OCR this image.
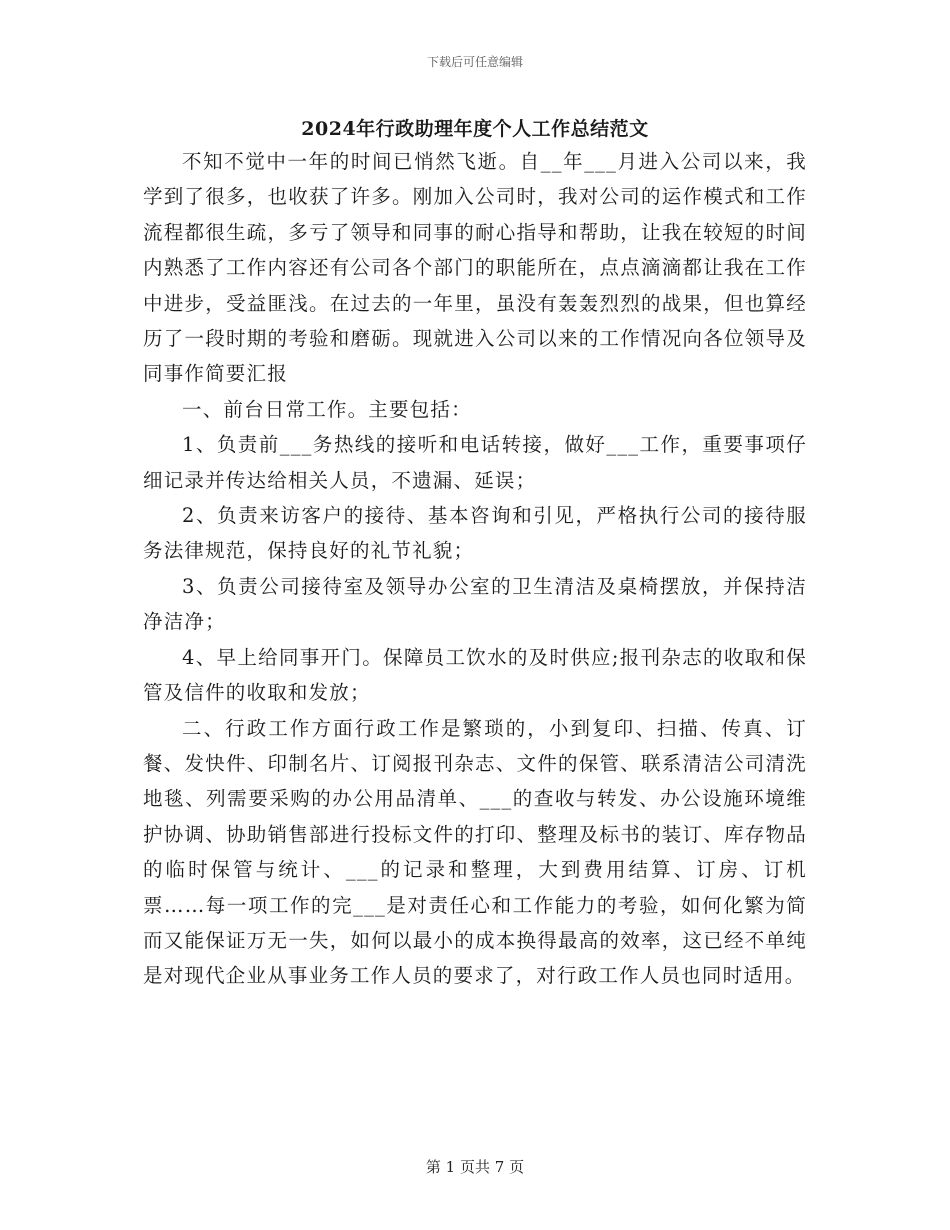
下载后可任意编辑
2024年行政助理年度个人工作总结范文

不知不觉中一年的时间已悄然飞逝。自__年___月进入公司以来，我学到了很多，也收获了许多。刚加入公司时，我对公司的运作模式和工作流程都很生疏，多亏了领导和同事的耐心指导和帮助，让我在较短的时间内熟悉了工作内容还有公司各个部门的职能所在，点点滴滴都让我在工作中进步，受益匪浅。在过去的一年里，虽没有轰轰烈烈的战果，但也算经历了一段时期的考验和磨砺。现就进入公司以来的工作情况向各位领导及同事作简要汇报

一、前台日常工作。主要包括：

1、负责前___务热线的接听和电话转接，做好___工作，重要事项仔细记录并传达给相关人员，不遗漏、延误；

2、负责来访客户的接待、基本咨询和引见，严格执行公司的接待服务法律规范，保持良好的礼节礼貌；

3、负责公司接待室及领导办公室的卫生清洁及桌椅摆放，并保持洁净洁净；

4、早上给同事开门。保障员工饮水的及时供应;报刊杂志的收取和保管及信件的收取和发放；

二、行政工作方面行政工作是繁琐的，小到复印、扫描、传真、订餐、发快件、印制名片、订阅报刊杂志、文件的保管、联系清洁公司清洗地毯、列需要采购的办公用品清单、___的查收与转发、办公设施环境维护协调、协助销售部进行投标文件的打印、整理及标书的装订、库存物品的临时保管与统计、___的记录和整理，大到费用结算、订房、订机票……每一项工作的完___是对责任心和工作能力的考验，如何化繁为简而又能保证万无一失，如何以最小的成本换得最高的效率，这已经不单纯是对现代企业从事业务工作人员的要求了，对行政工作人员也同时适用。

第 1 页共 7 页
